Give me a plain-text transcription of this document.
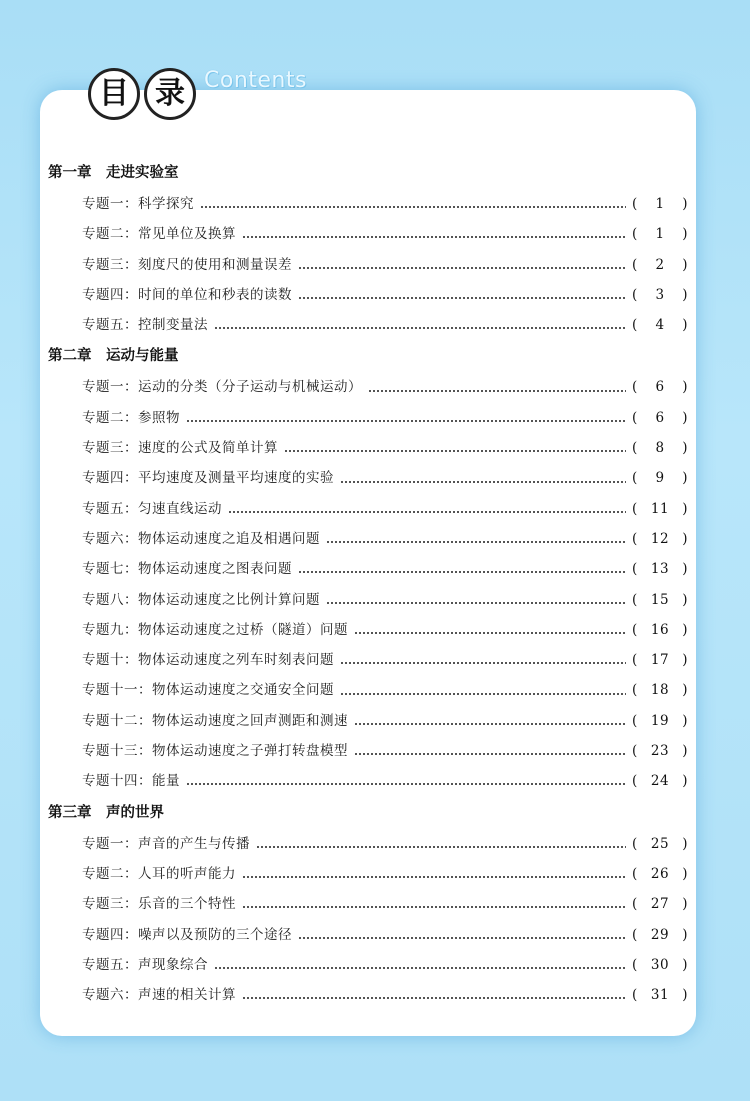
目 录 Contents
第一章　走进实验室
专题一：科学探究	(	1	)
专题二：常见单位及换算	(	1	)
专题三：刻度尺的使用和测量误差	(	2	)
专题四：时间的单位和秒表的读数	(	3	)
专题五：控制变量法	(	4	)
第二章　运动与能量
专题一：运动的分类（分子运动与机械运动）	(	6	)
专题二：参照物	(	6	)
专题三：速度的公式及简单计算	(	8	)
专题四：平均速度及测量平均速度的实验	(	9	)
专题五：匀速直线运动	( 11 )
专题六：物体运动速度之追及相遇问题	( 12 )
专题七：物体运动速度之图表问题	( 13 )
专题八：物体运动速度之比例计算问题	( 15 )
专题九：物体运动速度之过桥（隧道）问题	( 16 )
专题十：物体运动速度之列车时刻表问题	( 17 )
专题十一：物体运动速度之交通安全问题	( 18 )
专题十二：物体运动速度之回声测距和测速	( 19 )
专题十三：物体运动速度之子弹打转盘模型	( 23 )
专题十四：能量	( 24 )
第三章　声的世界
专题一：声音的产生与传播	( 25 )
专题二：人耳的听声能力	( 26 )
专题三：乐音的三个特性	( 27 )
专题四：噪声以及预防的三个途径	( 29 )
专题五：声现象综合	( 30 )
专题六：声速的相关计算	( 31 )
